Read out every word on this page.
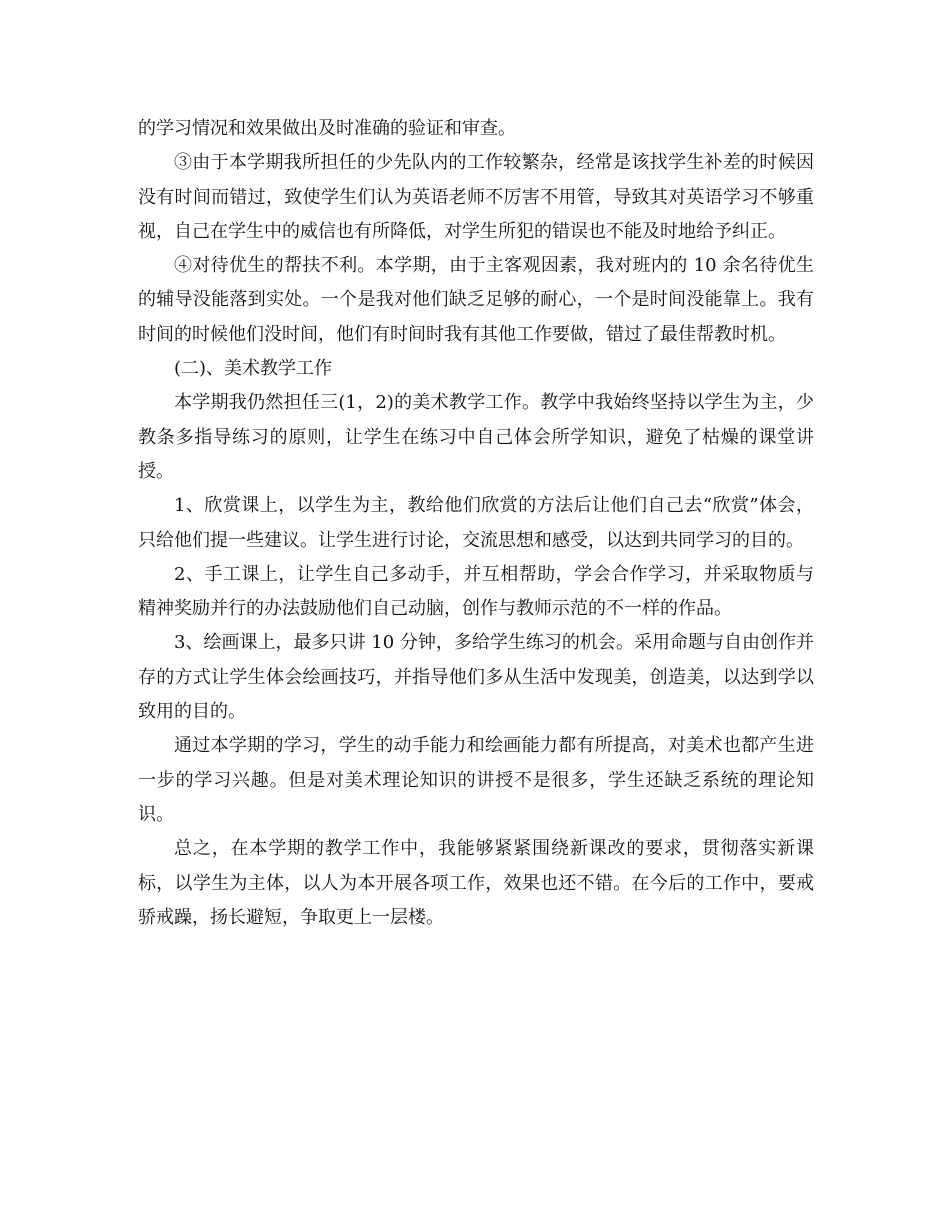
的学习情况和效果做出及时准确的验证和审查。

③由于本学期我所担任的少先队内的工作较繁杂，经常是该找学生补差的时候因没有时间而错过，致使学生们认为英语老师不厉害不用管，导致其对英语学习不够重视，自己在学生中的威信也有所降低，对学生所犯的错误也不能及时地给予纠正。

④对待优生的帮扶不利。本学期，由于主客观因素，我对班内的 10 余名待优生的辅导没能落到实处。一个是我对他们缺乏足够的耐心，一个是时间没能靠上。我有时间的时候他们没时间，他们有时间时我有其他工作要做，错过了最佳帮教时机。

(二)、美术教学工作

本学期我仍然担任三(1，2)的美术教学工作。教学中我始终坚持以学生为主，少教条多指导练习的原则，让学生在练习中自己体会所学知识，避免了枯燥的课堂讲授。

1、欣赏课上，以学生为主，教给他们欣赏的方法后让他们自己去“欣赏”体会，只给他们提一些建议。让学生进行讨论，交流思想和感受，以达到共同学习的目的。

2、手工课上，让学生自己多动手，并互相帮助，学会合作学习，并采取物质与精神奖励并行的办法鼓励他们自己动脑，创作与教师示范的不一样的作品。

3、绘画课上，最多只讲 10 分钟，多给学生练习的机会。采用命题与自由创作并存的方式让学生体会绘画技巧，并指导他们多从生活中发现美，创造美，以达到学以致用的目的。

通过本学期的学习，学生的动手能力和绘画能力都有所提高，对美术也都产生进一步的学习兴趣。但是对美术理论知识的讲授不是很多，学生还缺乏系统的理论知识。

总之，在本学期的教学工作中，我能够紧紧围绕新课改的要求，贯彻落实新课标，以学生为主体，以人为本开展各项工作，效果也还不错。在今后的工作中，要戒骄戒躁，扬长避短，争取更上一层楼。
